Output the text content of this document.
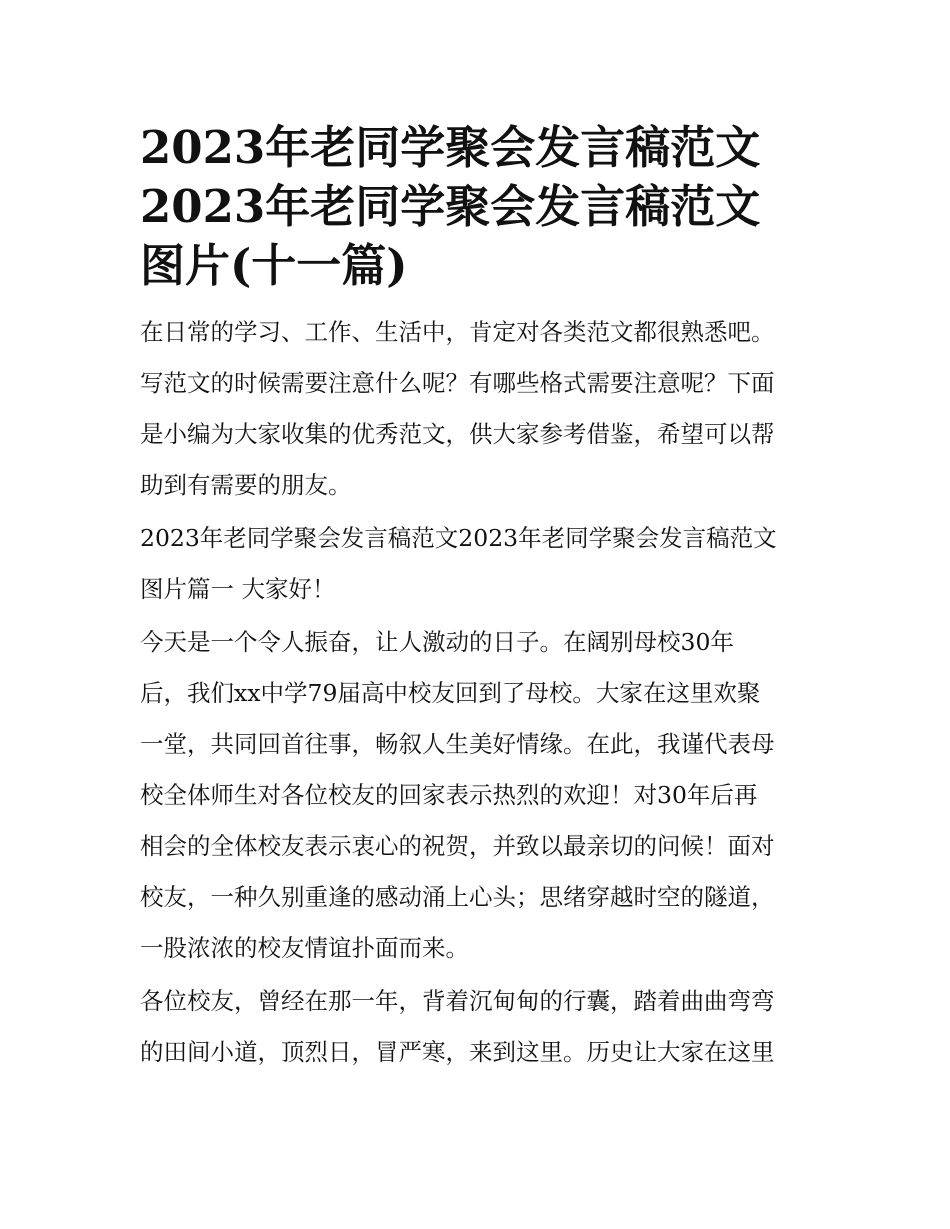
2023年老同学聚会发言稿范文
2023年老同学聚会发言稿范文
图片(十一篇)
在日常的学习、工作、生活中，肯定对各类范文都很熟悉吧。
写范文的时候需要注意什么呢？有哪些格式需要注意呢？下面
是小编为大家收集的优秀范文，供大家参考借鉴，希望可以帮
助到有需要的朋友。
2023年老同学聚会发言稿范文2023年老同学聚会发言稿范文
图片篇一 大家好！
今天是一个令人振奋，让人激动的日子。在阔别母校30年
后，我们xx中学79届高中校友回到了母校。大家在这里欢聚
一堂，共同回首往事，畅叙人生美好情缘。在此，我谨代表母
校全体师生对各位校友的回家表示热烈的欢迎！对30年后再
相会的全体校友表示衷心的祝贺，并致以最亲切的问候！面对
校友，一种久别重逢的感动涌上心头；思绪穿越时空的隧道，
一股浓浓的校友情谊扑面而来。
各位校友，曾经在那一年，背着沉甸甸的行囊，踏着曲曲弯弯
的田间小道，顶烈日，冒严寒，来到这里。历史让大家在这里
